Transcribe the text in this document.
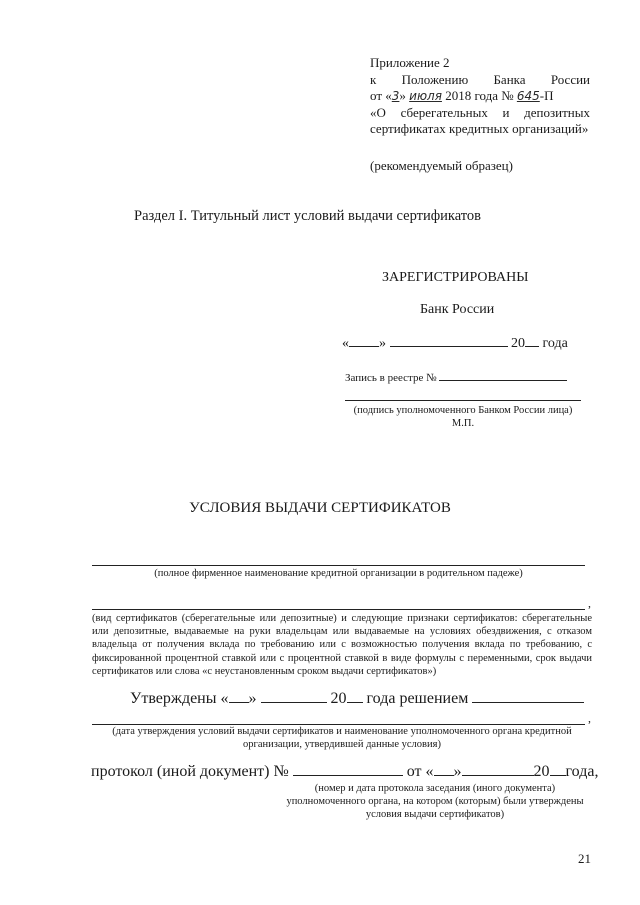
Приложение 2
к Положению Банка России
от «3» июля 2018 года № 645-П
«О сберегательных и депозитных
сертификатах кредитных организаций»
(рекомендуемый образец)
Раздел I. Титульный лист условий выдачи сертификатов
ЗАРЕГИСТРИРОВАНЫ
Банк России
« »	20 года
Запись в реестре №
(подпись уполномоченного Банком России лица)
М.П.
УСЛОВИЯ ВЫДАЧИ СЕРТИФИКАТОВ
(полное фирменное наименование кредитной организации в родительном падеже)
,
(вид сертификатов (сберегательные или депозитные) и следующие признаки сертификатов: сберегательные или депозитные, выдаваемые на руки владельцам или выдаваемые на условиях обездвижения, с отказом владельца от получения вклада по требованию или с возможностью получения вклада по требованию, с фиксированной процентной ставкой или с процентной ставкой в виде формулы с переменными, срок выдачи сертификатов или слова «с неустановленным сроком выдачи сертификатов»)
Утверждены « »	20 года решением
,
(дата утверждения условий выдачи сертификатов и наименование уполномоченного органа кредитной организации, утвердившей данные условия)
протокол (иной документ) №	от « »	20 года,
(номер и дата протокола заседания (иного документа) уполномоченного органа, на котором (которым) были утверждены условия выдачи сертификатов)
21
